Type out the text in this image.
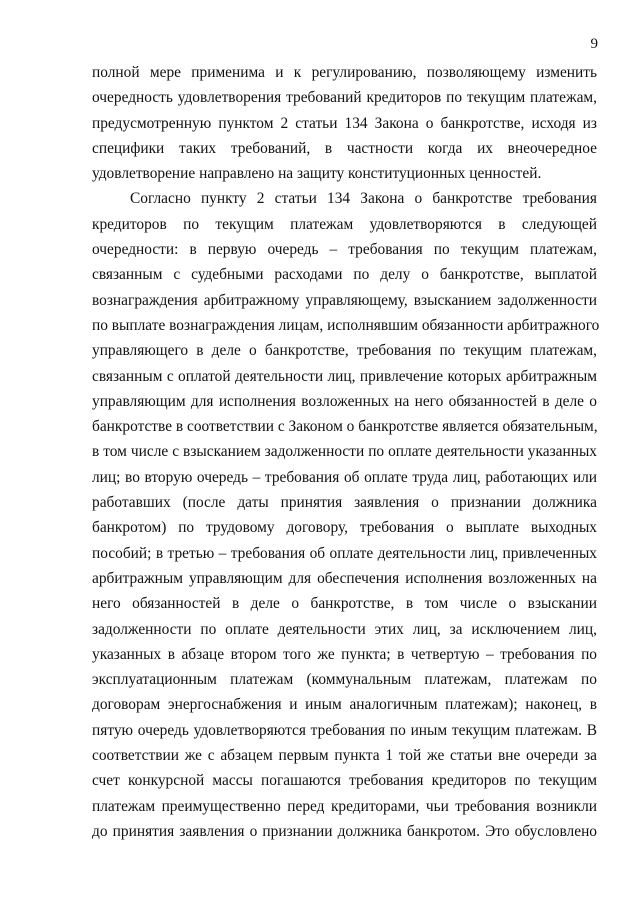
9
полной мере применима и к регулированию, позволяющему изменить
очередность удовлетворения требований кредиторов по текущим платежам,
предусмотренную пунктом 2 статьи 134 Закона о банкротстве, исходя из
специфики таких требований, в частности когда их внеочередное
удовлетворение направлено на защиту конституционных ценностей.
Согласно пункту 2 статьи 134 Закона о банкротстве требования
кредиторов по текущим платежам удовлетворяются в следующей
очередности: в первую очередь – требования по текущим платежам,
связанным с судебными расходами по делу о банкротстве, выплатой
вознаграждения арбитражному управляющему, взысканием задолженности
по выплате вознаграждения лицам, исполнявшим обязанности арбитражного
управляющего в деле о банкротстве, требования по текущим платежам,
связанным с оплатой деятельности лиц, привлечение которых арбитражным
управляющим для исполнения возложенных на него обязанностей в деле о
банкротстве в соответствии с Законом о банкротстве является обязательным,
в том числе с взысканием задолженности по оплате деятельности указанных
лиц; во вторую очередь – требования об оплате труда лиц, работающих или
работавших (после даты принятия заявления о признании должника
банкротом) по трудовому договору, требования о выплате выходных
пособий; в третью – требования об оплате деятельности лиц, привлеченных
арбитражным управляющим для обеспечения исполнения возложенных на
него обязанностей в деле о банкротстве, в том числе о взыскании
задолженности по оплате деятельности этих лиц, за исключением лиц,
указанных в абзаце втором того же пункта; в четвертую – требования по
эксплуатационным платежам (коммунальным платежам, платежам по
договорам энергоснабжения и иным аналогичным платежам); наконец, в
пятую очередь удовлетворяются требования по иным текущим платежам. В
соответствии же с абзацем первым пункта 1 той же статьи вне очереди за
счет конкурсной массы погашаются требования кредиторов по текущим
платежам преимущественно перед кредиторами, чьи требования возникли
до принятия заявления о признании должника банкротом. Это обусловлено
